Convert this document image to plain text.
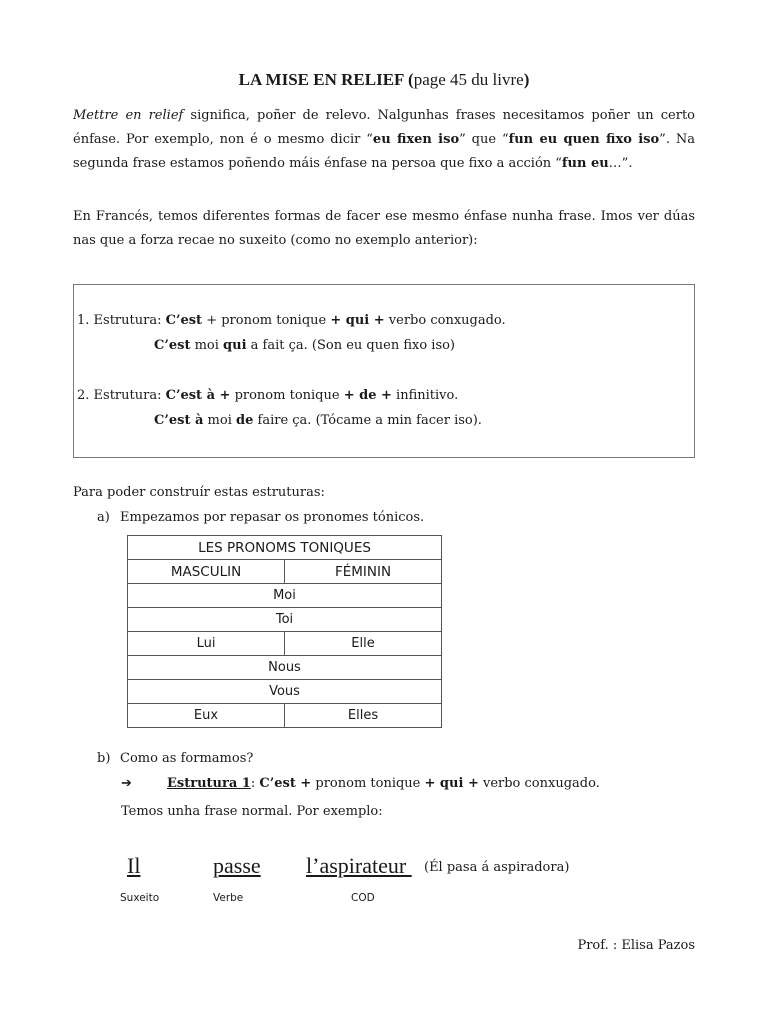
LA MISE EN RELIEF (page 45 du livre)
Mettre en relief significa, poñer de relevo. Nalgunhas frases necesitamos poñer un certo énfase. Por exemplo, non é o mesmo dicir “eu fixen iso” que “fun eu quen fixo iso”. Na segunda frase estamos poñendo máis énfase na persoa que fixo a acción “fun eu…”.
En Francés, temos diferentes formas de facer ese mesmo énfase nunha frase. Imos ver dúas nas que a forza recae no suxeito (como no exemplo anterior):
1. Estrutura: C’est + pronom tonique + qui + verbo conxugado.
C’est moi qui a fait ça. (Son eu quen fixo iso)
2. Estrutura: C’est à + pronom tonique + de + infinitivo.
C’est à moi de faire ça. (Tócame a min facer iso).
Para poder construír estas estruturas:
a) Empezamos por repasar os pronomes tónicos.
LES PRONOMS TONIQUES	
MASCULIN	FÉMININ
Moi	
Toi	
Lui	Elle
Nous	
Vous	
Eux	Elles
b) Como as formamos?
➔	Estrutura 1: C’est + pronom tonique + qui + verbo conxugado.
Temos unha frase normal. Por exemplo:
Il	passe l’aspirateur (Él pasa á aspiradora)
Suxeito	Verbe	COD
Prof. : Elisa Pazos
